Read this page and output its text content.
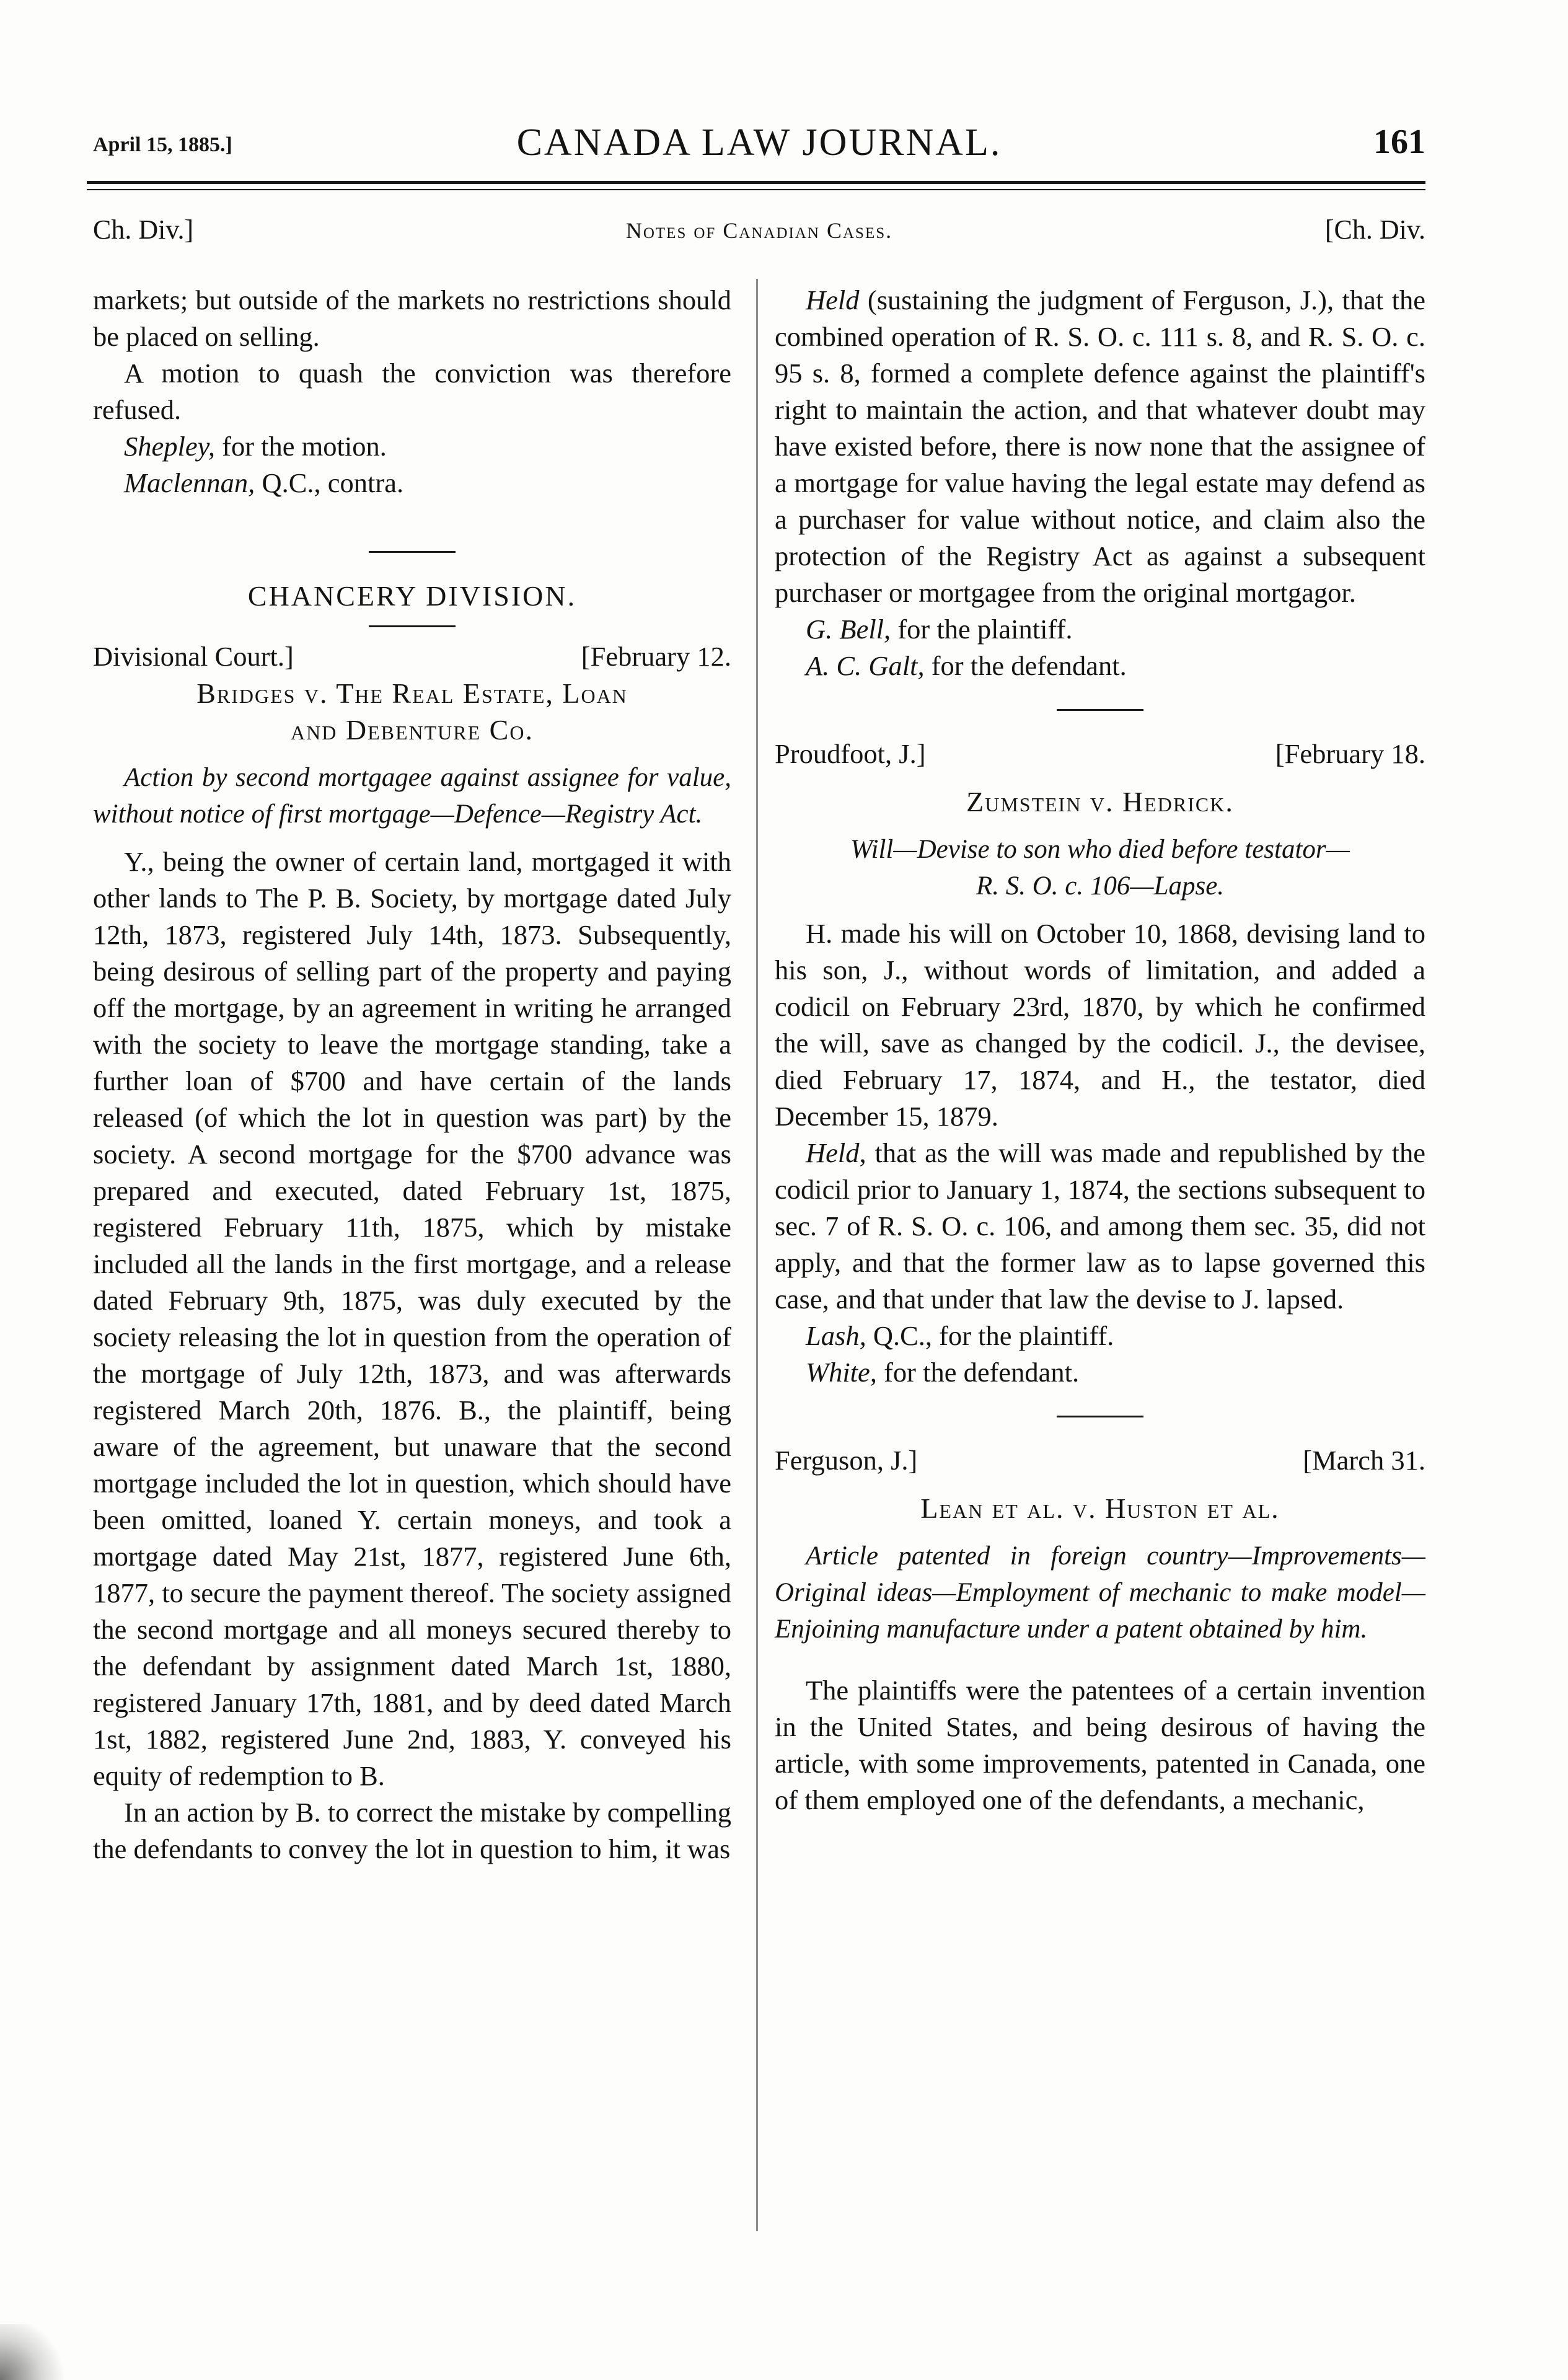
April 15, 1885.]	CANADA LAW JOURNAL.	161
Ch. Div.]	Notes of Canadian Cases.	[Ch. Div.

markets; but outside of the markets no restrictions should be placed on selling.

A motion to quash the conviction was therefore refused.

Shepley, for the motion.

Maclennan, Q.C., contra.

CHANCERY DIVISION.

Divisional Court.]	[February 12.

Bridges v. The Real Estate, Loan

and Debenture Co.

Action by second mortgagee against assignee for value, without notice of first mortgage—Defence—Registry Act.

Y., being the owner of certain land, mortgaged it with other lands to The P. B. Society, by mortgage dated July 12th, 1873, registered July 14th, 1873. Subsequently, being desirous of selling part of the property and paying off the mortgage, by an agreement in writing he arranged with the society to leave the mortgage standing, take a further loan of $700 and have certain of the lands released (of which the lot in question was part) by the society. A second mortgage for the $700 advance was prepared and executed, dated February 1st, 1875, registered February 11th, 1875, which by mistake included all the lands in the first mortgage, and a release dated February 9th, 1875, was duly executed by the society releasing the lot in question from the operation of the mortgage of July 12th, 1873, and was afterwards registered March 20th, 1876. B., the plaintiff, being aware of the agreement, but unaware that the second mortgage included the lot in question, which should have been omitted, loaned Y. certain moneys, and took a mortgage dated May 21st, 1877, registered June 6th, 1877, to secure the payment thereof. The society assigned the second mortgage and all moneys secured thereby to the defendant by assignment dated March 1st, 1880, registered January 17th, 1881, and by deed dated March 1st, 1882, registered June 2nd, 1883, Y. conveyed his equity of redemption to B.

In an action by B. to correct the mistake by compelling the defendants to convey the lot in question to him, it was

Held (sustaining the judgment of Ferguson, J.), that the combined operation of R. S. O. c. 111 s. 8, and R. S. O. c. 95 s. 8, formed a complete defence against the plaintiff's right to maintain the action, and that whatever doubt may have existed before, there is now none that the assignee of a mortgage for value having the legal estate may defend as a purchaser for value without notice, and claim also the protection of the Registry Act as against a subsequent purchaser or mortgagee from the original mortgagor.

G. Bell, for the plaintiff.

A. C. Galt, for the defendant.

Proudfoot, J.]	[February 18.

Zumstein v. Hedrick.

Will—Devise to son who died before testator—

R. S. O. c. 106—Lapse.

H. made his will on October 10, 1868, devising land to his son, J., without words of limitation, and added a codicil on February 23rd, 1870, by which he confirmed the will, save as changed by the codicil. J., the devisee, died February 17, 1874, and H., the testator, died December 15, 1879.

Held, that as the will was made and republished by the codicil prior to January 1, 1874, the sections subsequent to sec. 7 of R. S. O. c. 106, and among them sec. 35, did not apply, and that the former law as to lapse governed this case, and that under that law the devise to J. lapsed.

Lash, Q.C., for the plaintiff.

White, for the defendant.

Ferguson, J.]	[March 31.

Lean et al. v. Huston et al.

Article patented in foreign country—Improvements—Original ideas—Employment of mechanic to make model—Enjoining manufacture under a patent obtained by him.

The plaintiffs were the patentees of a certain invention in the United States, and being desirous of having the article, with some improvements, patented in Canada, one of them employed one of the defendants, a mechanic,
